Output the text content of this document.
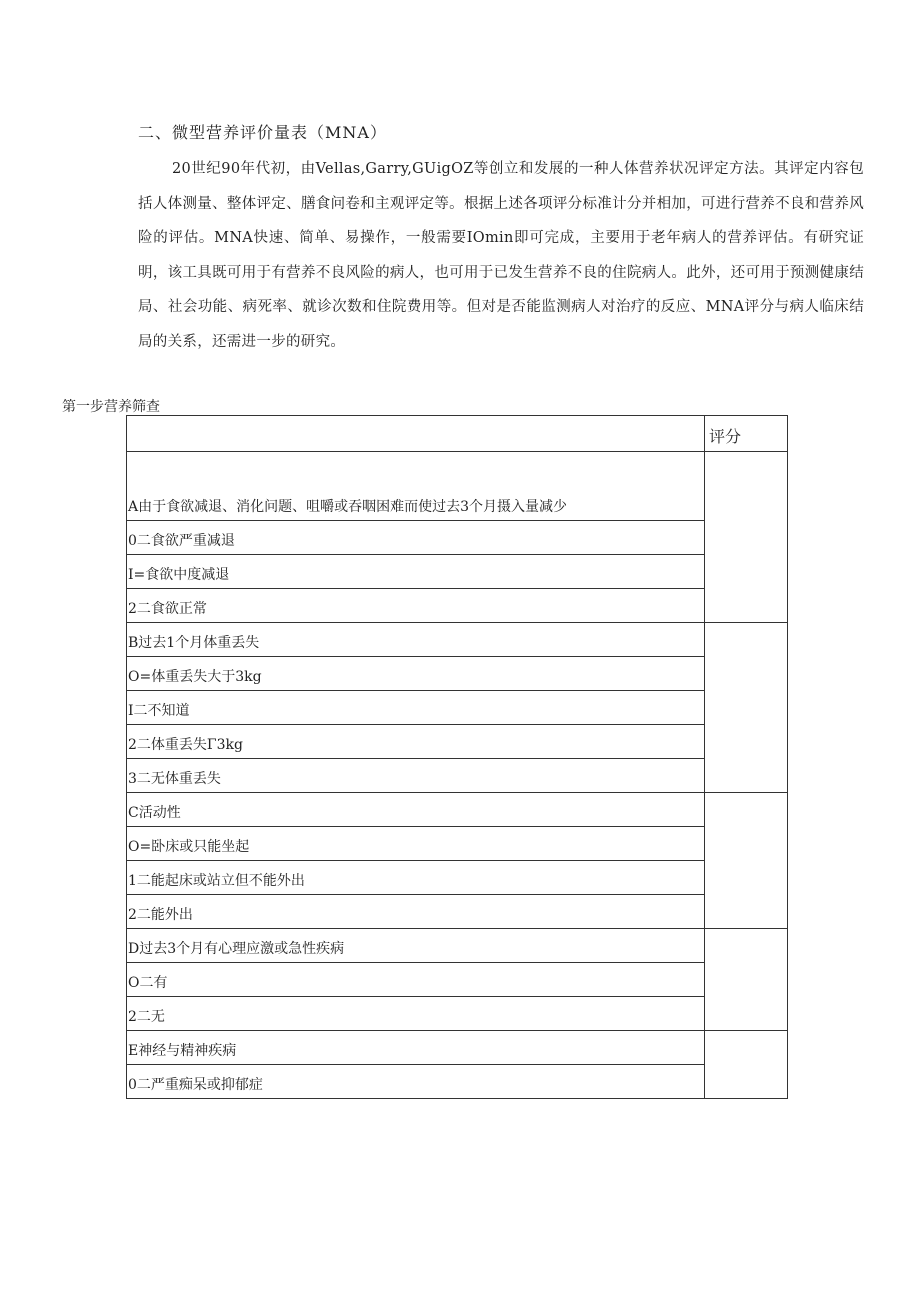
二、微型营养评价量表（MNA）

20世纪90年代初，由Vellas,Garry,GUigOZ等创立和发展的一种人体营养状况评定方法。其评定内容包括人体测量、整体评定、膳食问卷和主观评定等。根据上述各项评分标准计分并相加，可进行营养不良和营养风险的评估。MNA快速、简单、易操作，一般需要IOmin即可完成，主要用于老年病人的营养评估。有研究证明，该工具既可用于有营养不良风险的病人，也可用于已发生营养不良的住院病人。此外，还可用于预测健康结局、社会功能、病死率、就诊次数和住院费用等。但对是否能监测病人对治疗的反应、MNA评分与病人临床结局的关系，还需进一步的研究。

第一步营养筛查

	评分
A由于食欲减退、消化问题、咀嚼或吞咽困难而使过去3个月摄入量减少	
0二食欲严重减退	
I=食欲中度减退	
2二食欲正常	
B过去1个月体重丢失	
O=体重丢失大于3kg	
I二不知道	
2二体重丢失Γ3kg	
3二无体重丢失	
C活动性	
O=卧床或只能坐起	
1二能起床或站立但不能外出	
2二能外出	
D过去3个月有心理应激或急性疾病	
O二有	
2二无	
E神经与精神疾病	
0二严重痴呆或抑郁症	
